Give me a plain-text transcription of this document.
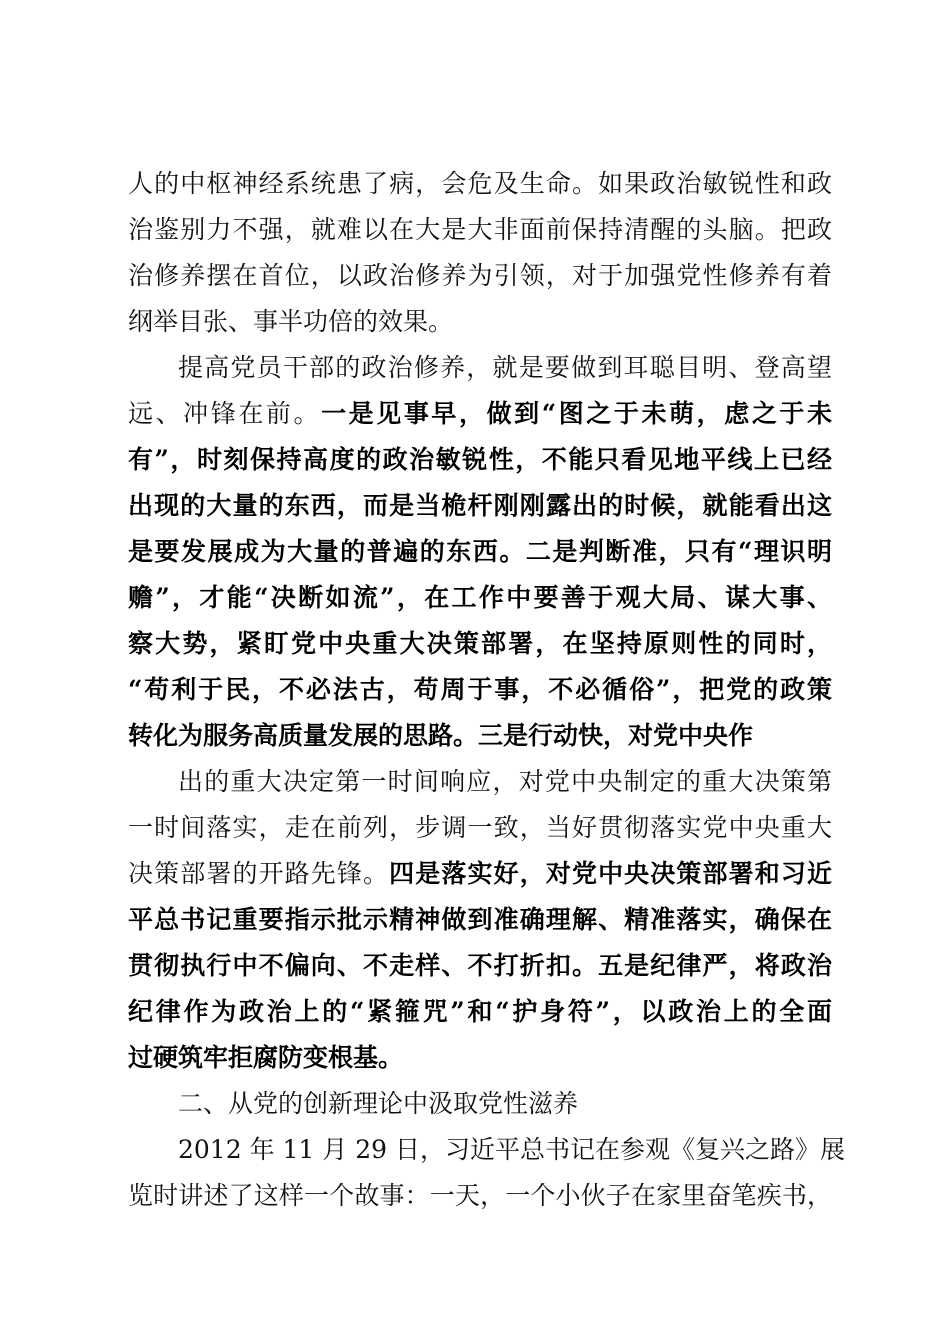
人的中枢神经系统患了病，会危及生命。如果政治敏锐性和政
治鉴别力不强，就难以在大是大非面前保持清醒的头脑。把政
治修养摆在首位，以政治修养为引领，对于加强党性修养有着
纲举目张、事半功倍的效果。
提高党员干部的政治修养，就是要做到耳聪目明、登高望
远、冲锋在前。一是见事早，做到“图之于未萌，虑之于未
有”，时刻保持高度的政治敏锐性，不能只看见地平线上已经
出现的大量的东西，而是当桅杆刚刚露出的时候，就能看出这
是要发展成为大量的普遍的东西。二是判断准，只有“理识明
赡”，才能“决断如流”，在工作中要善于观大局、谋大事、
察大势，紧盯党中央重大决策部署，在坚持原则性的同时，
“苟利于民，不必法古，苟周于事，不必循俗”，把党的政策
转化为服务高质量发展的思路。三是行动快，对党中央作
出的重大决定第一时间响应，对党中央制定的重大决策第
一时间落实，走在前列，步调一致，当好贯彻落实党中央重大
决策部署的开路先锋。四是落实好，对党中央决策部署和习近
平总书记重要指示批示精神做到准确理解、精准落实，确保在
贯彻执行中不偏向、不走样、不打折扣。五是纪律严，将政治
纪律作为政治上的“紧箍咒”和“护身符”，以政治上的全面
过硬筑牢拒腐防变根基。
二、从党的创新理论中汲取党性滋养
2012 年 11 月 29 日，习近平总书记在参观《复兴之路》展
览时讲述了这样一个故事：一天，一个小伙子在家里奋笔疾书，
